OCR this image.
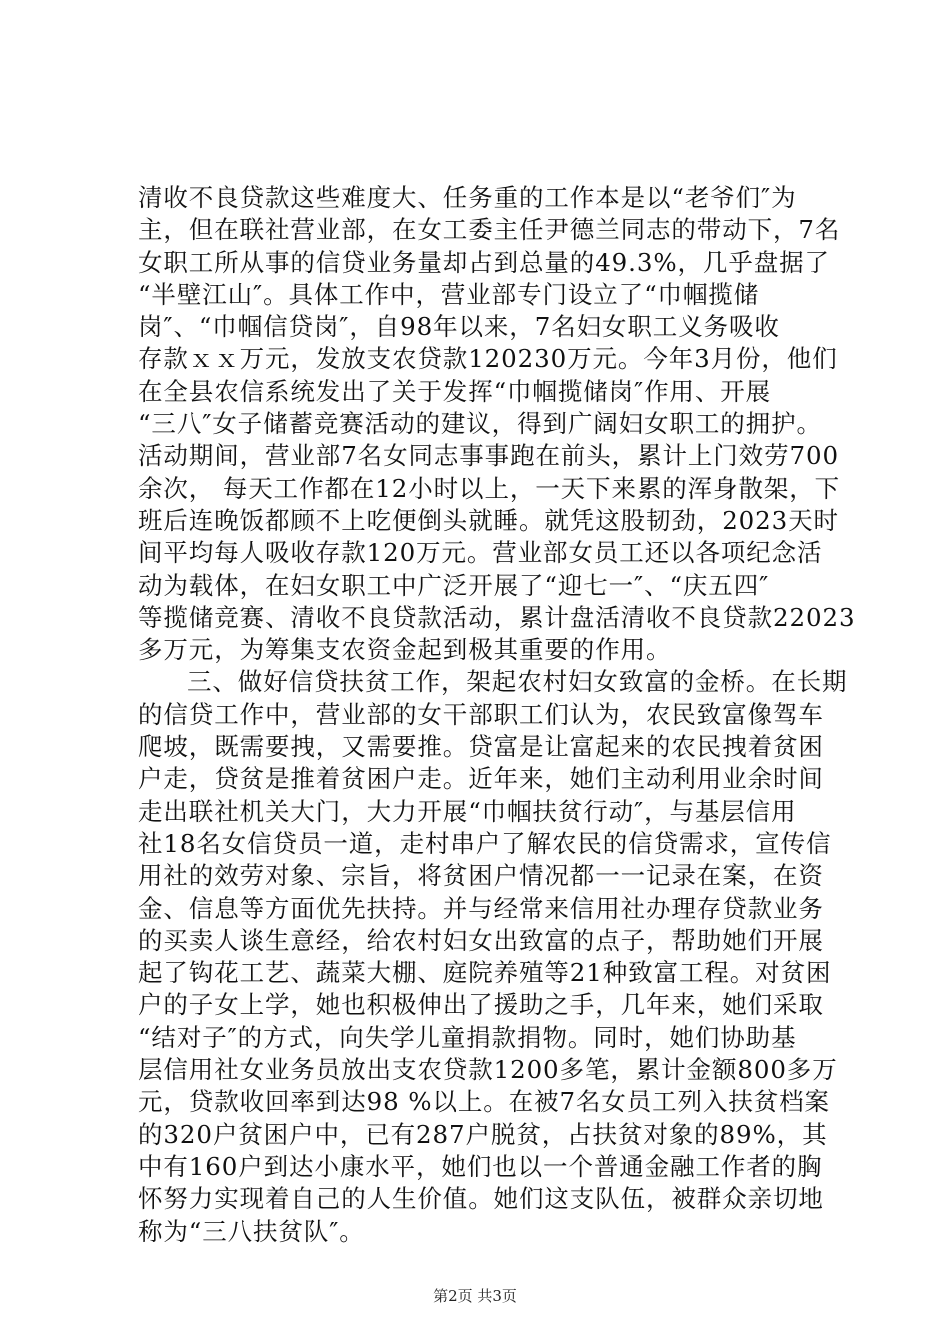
清收不良贷款这些难度大、任务重的工作本是以“老爷们″为
主，但在联社营业部，在女工委主任尹德兰同志的带动下，7名
女职工所从事的信贷业务量却占到总量的49.3%，几乎盘据了
“半壁江山″。具体工作中，营业部专门设立了“巾帼揽储
岗″、“巾帼信贷岗″，自98年以来，7名妇女职工义务吸收
存款ｘｘ万元，发放支农贷款120230万元。今年3月份，他们
在全县农信系统发出了关于发挥“巾帼揽储岗″作用、开展
“三八″女子储蓄竞赛活动的建议，得到广阔妇女职工的拥护。
活动期间，营业部7名女同志事事跑在前头，累计上门效劳700
余次， 每天工作都在12小时以上，一天下来累的浑身散架，下
班后连晚饭都顾不上吃便倒头就睡。就凭这股韧劲，2023天时
间平均每人吸收存款120万元。营业部女员工还以各项纪念活
动为载体，在妇女职工中广泛开展了“迎七一″、“庆五四″
等揽储竞赛、清收不良贷款活动，累计盘活清收不良贷款22023
多万元，为筹集支农资金起到极其重要的作用。
三、做好信贷扶贫工作，架起农村妇女致富的金桥。在长期
的信贷工作中，营业部的女干部职工们认为，农民致富像驾车
爬坡，既需要拽，又需要推。贷富是让富起来的农民拽着贫困
户走，贷贫是推着贫困户走。近年来，她们主动利用业余时间
走出联社机关大门，大力开展“巾帼扶贫行动″，与基层信用
社18名女信贷员一道，走村串户了解农民的信贷需求，宣传信
用社的效劳对象、宗旨，将贫困户情况都一一记录在案，在资
金、信息等方面优先扶持。并与经常来信用社办理存贷款业务
的买卖人谈生意经，给农村妇女出致富的点子，帮助她们开展
起了钩花工艺、蔬菜大棚、庭院养殖等21种致富工程。对贫困
户的子女上学，她也积极伸出了援助之手，几年来，她们采取
“结对子″的方式，向失学儿童捐款捐物。同时，她们协助基
层信用社女业务员放出支农贷款1200多笔，累计金额800多万
元，贷款收回率到达98 %以上。在被7名女员工列入扶贫档案
的320户贫困户中，已有287户脱贫，占扶贫对象的89%，其
中有160户到达小康水平，她们也以一个普通金融工作者的胸
怀努力实现着自己的人生价值。她们这支队伍，被群众亲切地
称为“三八扶贫队″。
第2页 共3页
